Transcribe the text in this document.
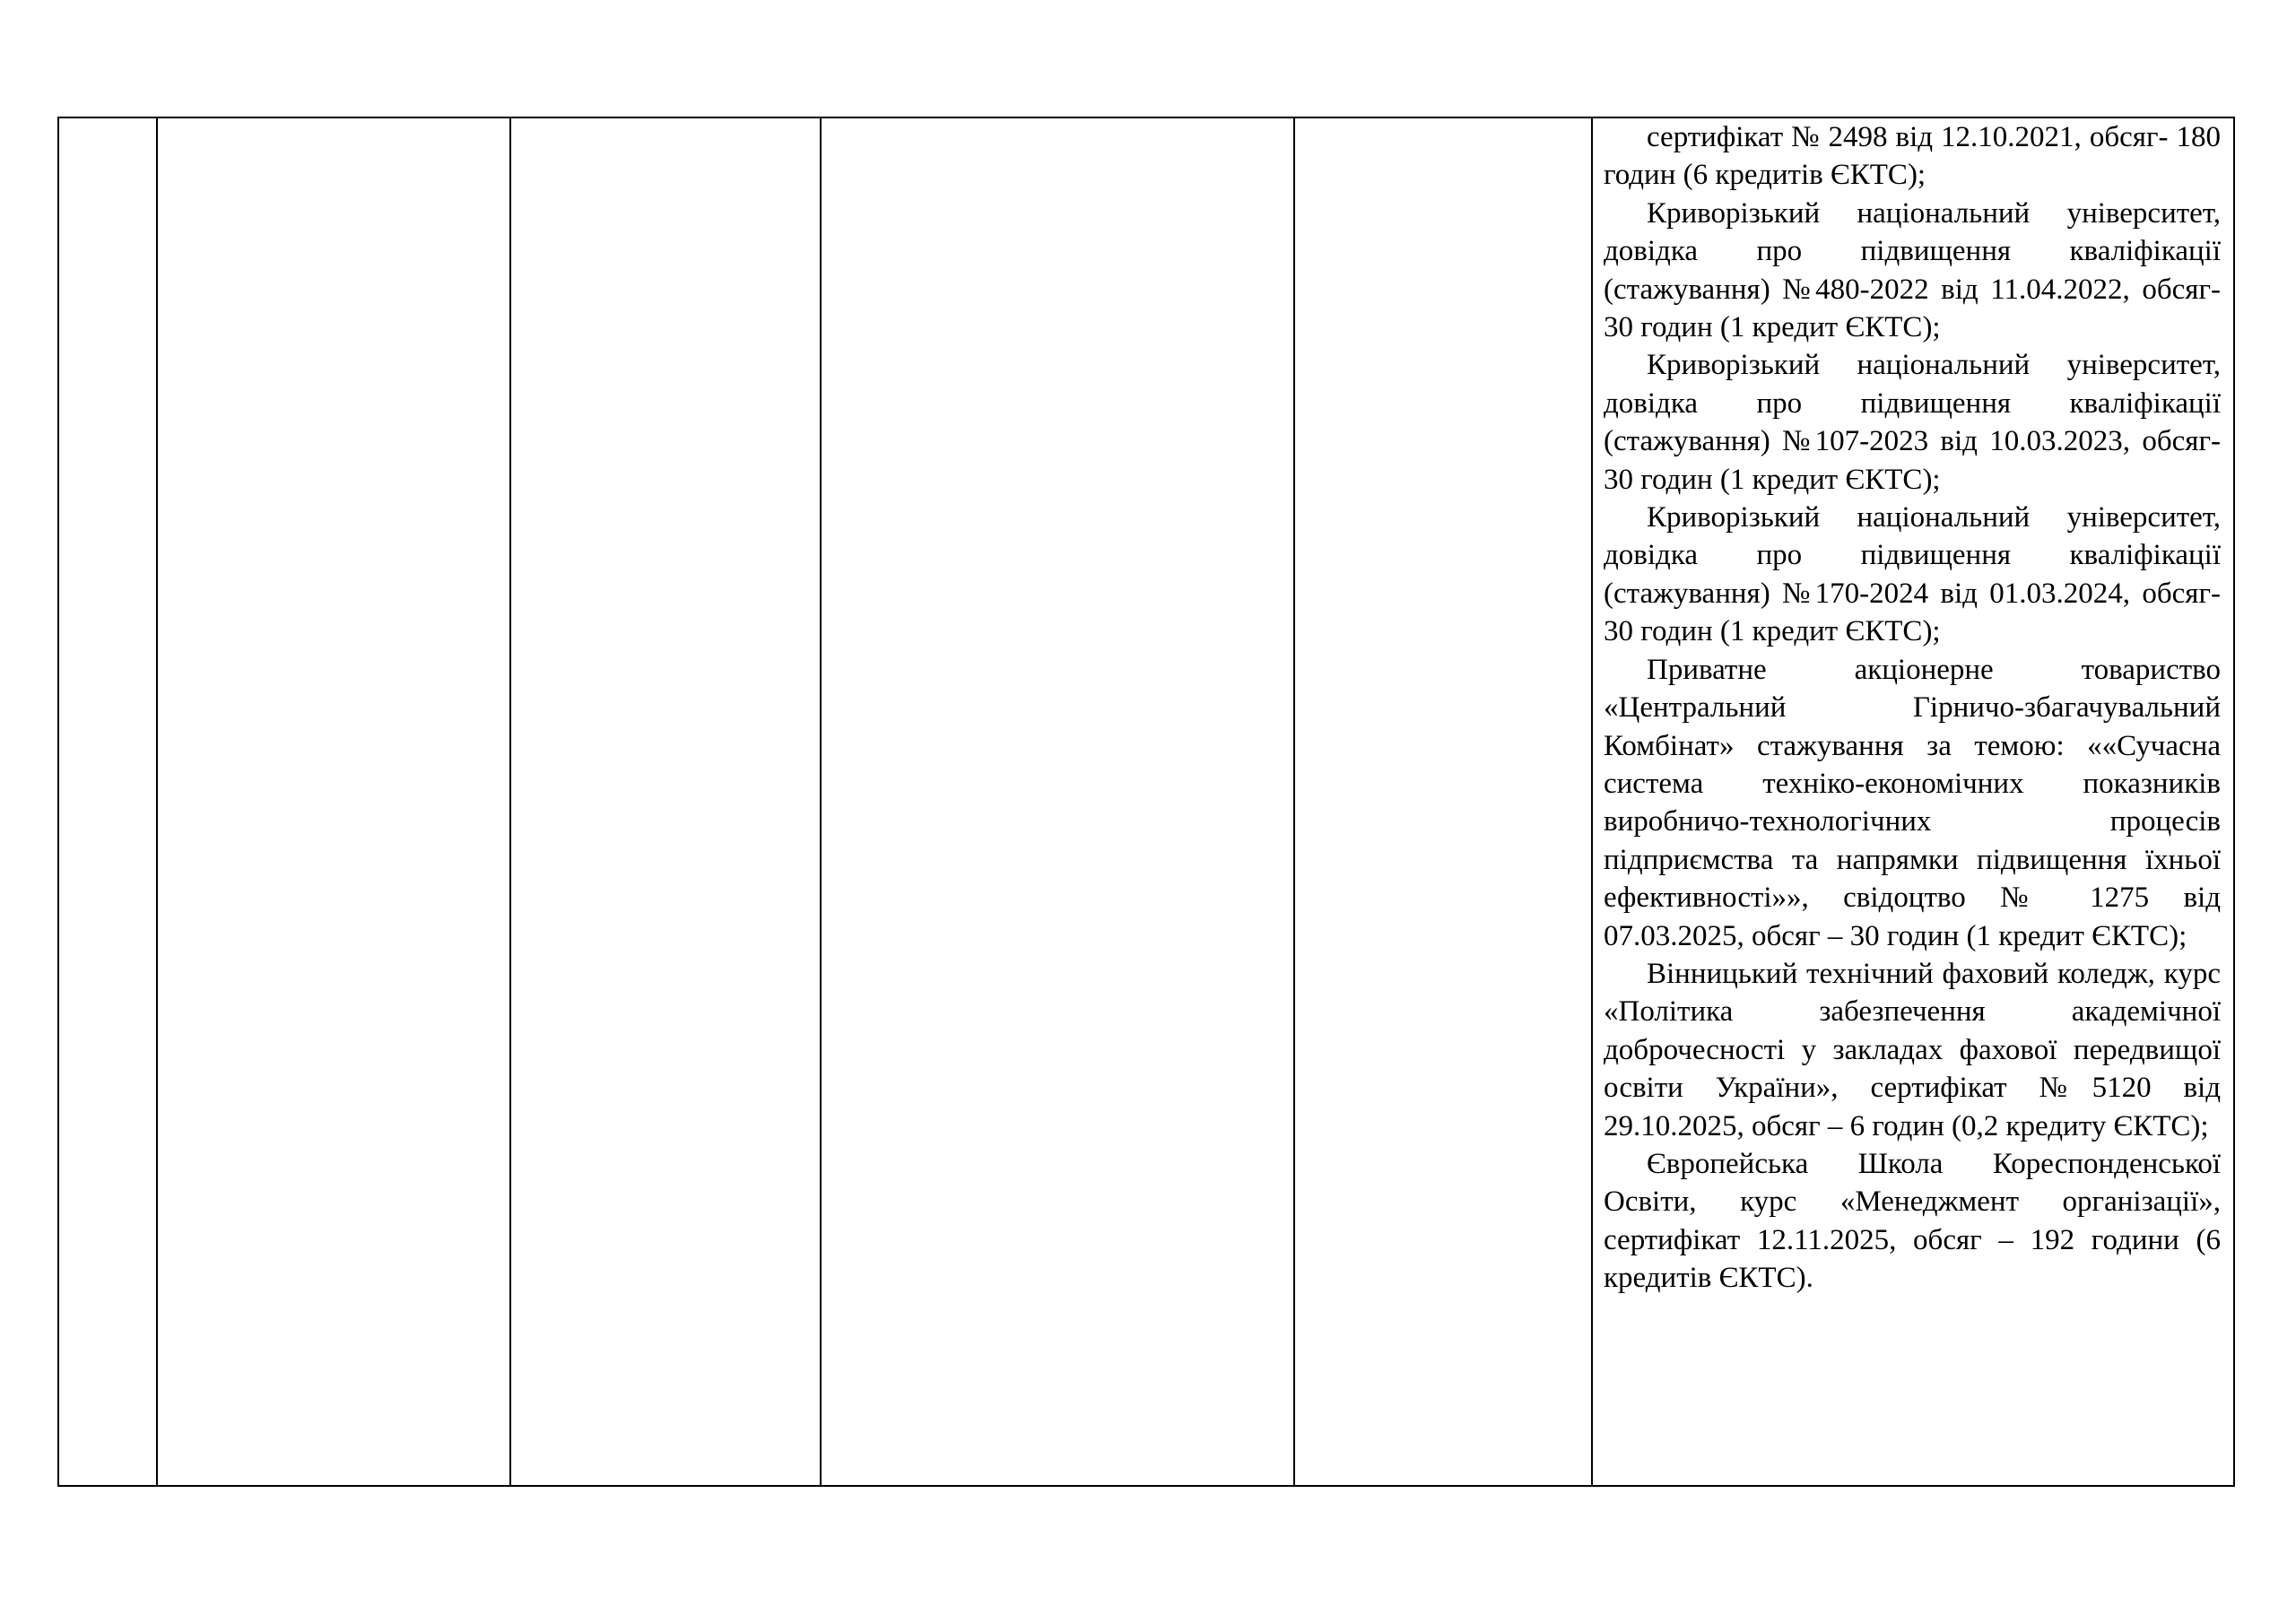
сертифікат № 2498 від 12.10.2021, обсяг- 180 годин (6 кредитів ЄКТС);

Криворізький національний університет, довідка про підвищення кваліфікації (стажування) №480-2022 від 11.04.2022, обсяг- 30 годин (1 кредит ЄКТС);

Криворізький національний університет, довідка про підвищення кваліфікації (стажування) №107-2023 від 10.03.2023, обсяг- 30 годин (1 кредит ЄКТС);

Криворізький національний університет, довідка про підвищення кваліфікації (стажування) №170-2024 від 01.03.2024, обсяг- 30 годин (1 кредит ЄКТС);

Приватне акціонерне товариство «Центральний Гірничо-збагачувальний Комбінат» стажування за темою: ««Сучасна система техніко-економічних показників виробничо-технологічних процесів підприємства та напрямки підвищення їхньої ефективності»», свідоцтво № 1275 від 07.03.2025, обсяг – 30 годин (1 кредит ЄКТС);

Вінницький технічний фаховий коледж, курс «Політика забезпечення академічної доброчесності у закладах фахової передвищої освіти України», сертифікат №5120 від 29.10.2025, обсяг – 6 годин (0,2 кредиту ЄКТС);

Європейська Школа Кореспонденської Освіти, курс «Менеджмент організації», сертифікат 12.11.2025, обсяг – 192 години (6 кредитів ЄКТС).
